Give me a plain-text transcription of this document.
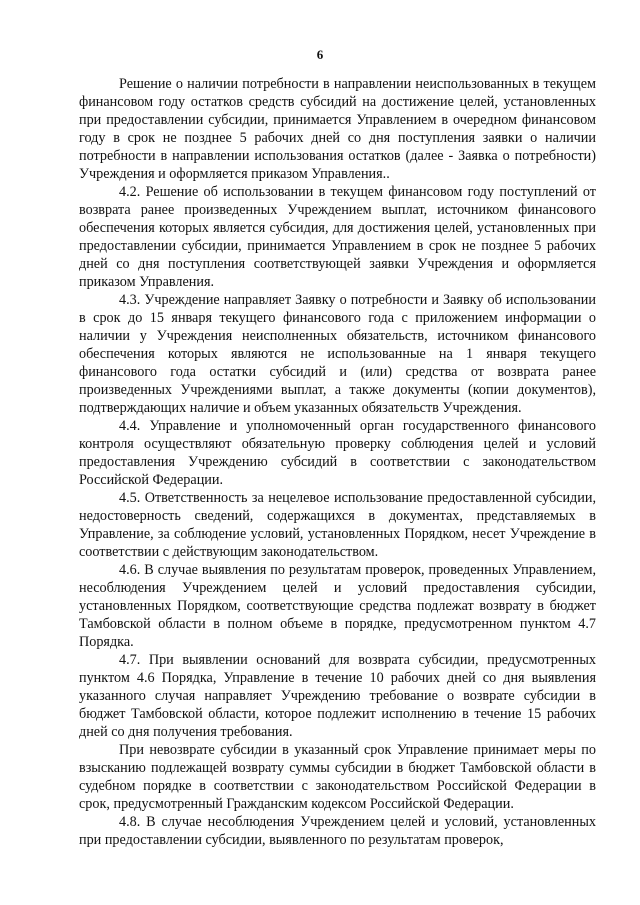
6

Решение о наличии потребности в направлении неиспользованных в текущем финансовом году остатков средств субсидий на достижение целей, установленных при предоставлении субсидии, принимается Управлением в очередном финансовом году в срок не позднее 5 рабочих дней со дня поступления заявки о наличии потребности в направлении использования остатков (далее - Заявка о потребности) Учреждения и оформляется приказом Управления..

4.2. Решение об использовании в текущем финансовом году поступлений от возврата ранее произведенных Учреждением выплат, источником финансового обеспечения которых является субсидия, для достижения целей, установленных при предоставлении субсидии, принимается Управлением в срок не позднее 5 рабочих дней со дня поступления соответствующей заявки Учреждения и оформляется приказом Управления.

4.3. Учреждение направляет Заявку о потребности и Заявку об использовании в срок до 15 января текущего финансового года с приложением информации о наличии у Учреждения неисполненных обязательств, источником финансового обеспечения которых являются не использованные на 1 января текущего финансового года остатки субсидий и (или) средства от возврата ранее произведенных Учреждениями выплат, а также документы (копии документов), подтверждающих наличие и объем указанных обязательств Учреждения.

4.4. Управление и уполномоченный орган государственного финансового контроля осуществляют обязательную проверку соблюдения целей и условий предоставления Учреждению субсидий в соответствии с законодательством Российской Федерации.

4.5. Ответственность за нецелевое использование предоставленной субсидии, недостоверность сведений, содержащихся в документах, представляемых в Управление, за соблюдение условий, установленных Порядком, несет Учреждение в соответствии с действующим законодательством.

4.6. В случае выявления по результатам проверок, проведенных Управлением, несоблюдения Учреждением целей и условий предоставления субсидии, установленных Порядком, соответствующие средства подлежат возврату в бюджет Тамбовской области в полном объеме в порядке, предусмотренном пунктом 4.7 Порядка.

4.7. При выявлении оснований для возврата субсидии, предусмотренных пунктом 4.6 Порядка, Управление в течение 10 рабочих дней со дня выявления указанного случая направляет Учреждению требование о возврате субсидии в бюджет Тамбовской области, которое подлежит исполнению в течение 15 рабочих дней со дня получения требования.

При невозврате субсидии в указанный срок Управление принимает меры по взысканию подлежащей возврату суммы субсидии в бюджет Тамбовской области в судебном порядке в соответствии с законодательством Российской Федерации в срок, предусмотренный Гражданским кодексом Российской Федерации.

4.8. В случае несоблюдения Учреждением целей и условий, установленных при предоставлении субсидии, выявленного по результатам проверок,
